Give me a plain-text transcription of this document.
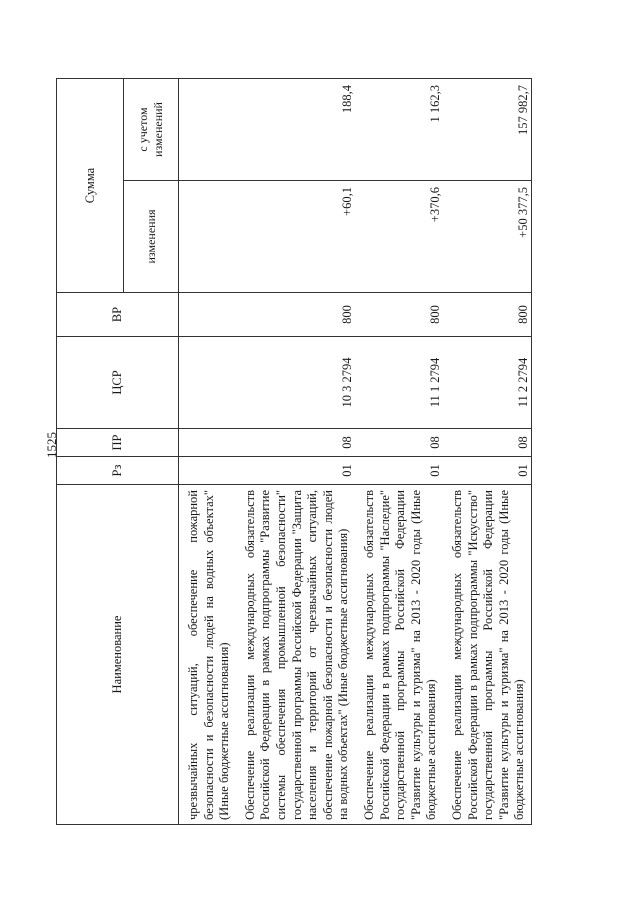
1525
Наименование	Рз	ПР	ЦСР	ВР	Сумма	
					изменения	с учетом изменений
чрезвычайных ситуаций, обеспечение пожарной безопасности и безопасности людей на водных объектах" (Иные бюджетные ассигнования)						
Обеспечение реализации международных обязательств Российской Федерации в рамках подпрограммы "Развитие системы обеспечения промышленной безопасности" государственной программы Российской Федерации "Защита населения и территорий от чрезвычайных ситуаций, обеспечение пожарной безопасности и безопасности людей на водных объектах" (Иные бюджетные ассигнования)	01	08	10 3 2794	800	+60,1	188,4
Обеспечение реализации международных обязательств Российской Федерации в рамках подпрограммы "Наследие" государственной программы Российской Федерации "Развитие культуры и туризма" на 2013 - 2020 годы (Иные бюджетные ассигнования)	01	08	11 1 2794	800	+370,6	1 162,3
Обеспечение реализации международных обязательств Российской Федерации в рамках подпрограммы "Искусство" государственной программы Российской Федерации "Развитие культуры и туризма" на 2013 - 2020 годы (Иные бюджетные ассигнования)	01	08	11 2 2794	800	+50 377,5	157 982,7
